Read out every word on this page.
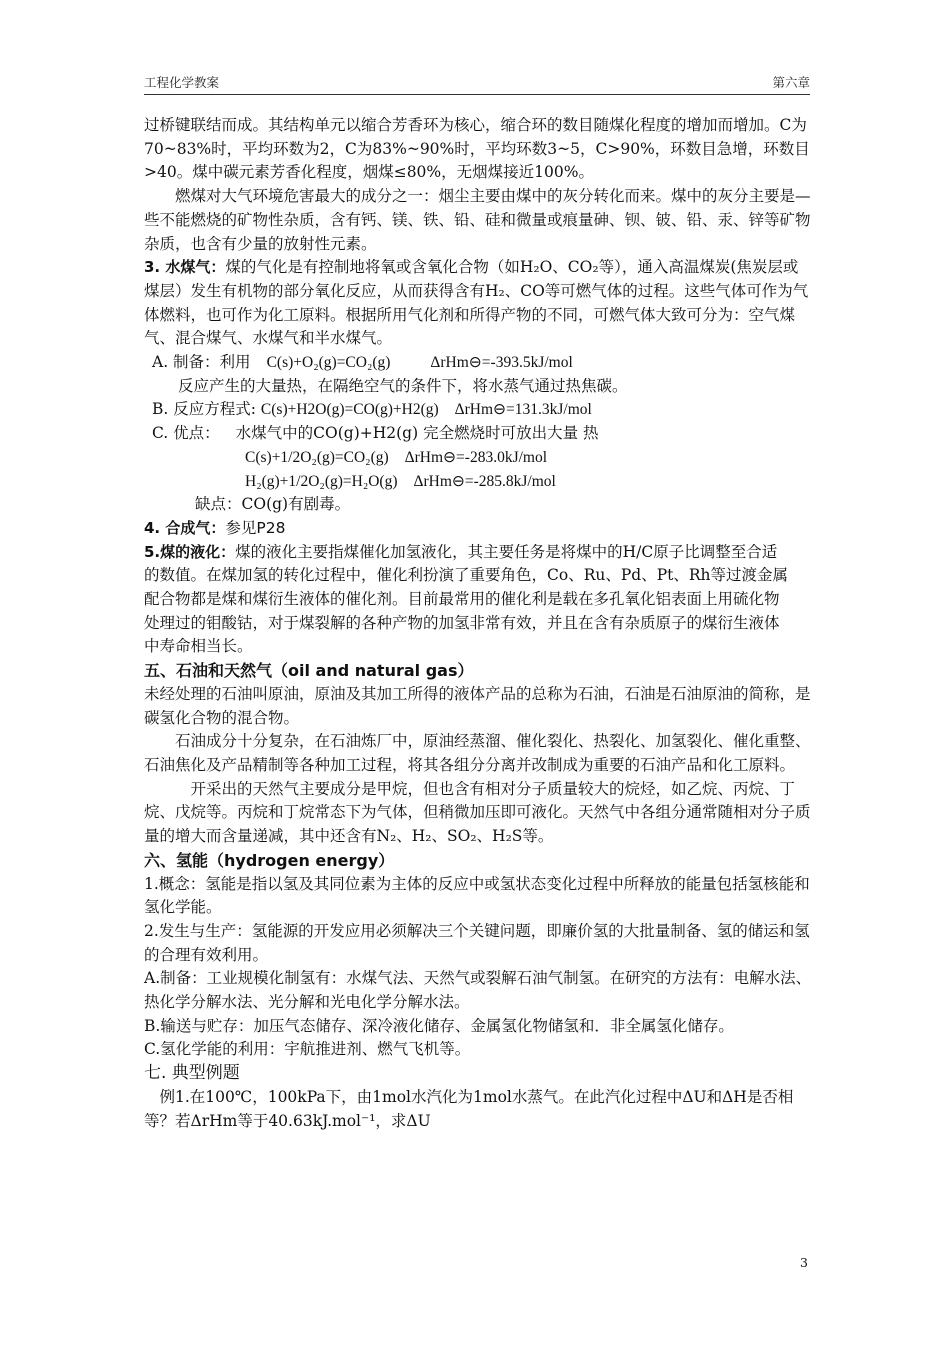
工程化学教案	第六章

过桥键联结而成。其结构单元以缩合芳香环为核心，缩合环的数目随煤化程度的增加而增加。C为70~83%时，平均环数为2，C为83%~90%时，平均环数3~5，C>90%，环数目急增，环数目>40。煤中碳元素芳香化程度，烟煤≤80%，无烟煤接近100%。

燃煤对大气环境危害最大的成分之一：烟尘主要由煤中的灰分转化而来。煤中的灰分主要是—些不能燃烧的矿物性杂质，含有钙、镁、铁、铅、硅和微量或痕量砷、钡、铍、铅、汞、锌等矿物杂质，也含有少量的放射性元素。

3. 水煤气：煤的气化是有控制地将氧或含氧化合物（如H₂O、CO₂等），通入高温煤炭(焦炭层或煤层）发生有机物的部分氧化反应，从而获得含有H₂、CO等可燃气体的过程。这些气体可作为气体燃料，也可作为化工原料。根据所用气化剂和所得产物的不同，可燃气体大致可分为：空气煤气、混合煤气、水煤气和半水煤气。

A. 制备：利用 C(s)+O₂(g)=CO₂(g)	ΔrHm⊖=-393.5kJ/mol

反应产生的大量热，在隔绝空气的条件下，将水蒸气通过热焦碳。

B. 反应方程式: C(s)+H2O(g)=CO(g)+H2(g) ΔrHm⊖=131.3kJ/mol

C. 优点： 水煤气中的CO(g)+H2(g) 完全燃烧时可放出大量 热

C(s)+1/2O₂(g)=CO₂(g) ΔrHm⊖=-283.0kJ/mol

H₂(g)+1/2O₂(g)=H₂O(g) ΔrHm⊖=-285.8kJ/mol

缺点：CO(g)有剧毒。

4. 合成气：参见P28

5.煤的液化：煤的液化主要指煤催化加氢液化，其主要任务是将煤中的H/C原子比调整至合适的数值。在煤加氢的转化过程中，催化利扮演了重要角色，Co、Ru、Pd、Pt、Rh等过渡金属配合物都是煤和煤衍生液体的催化剂。目前最常用的催化利是载在多孔氧化铝表面上用硫化物处理过的钼酸钴，对于煤裂解的各种产物的加氢非常有效，并且在含有杂质原子的煤衍生液体中寿命相当长。

五、石油和天然气（oil and natural gas）

未经处理的石油叫原油，原油及其加工所得的液体产品的总称为石油，石油是石油原油的简称，是碳氢化合物的混合物。

石油成分十分复杂，在石油炼厂中，原油经蒸溜、催化裂化、热裂化、加氢裂化、催化重整、石油焦化及产品精制等各种加工过程，将其各组分分离并改制成为重要的石油产品和化工原料。

开采出的天然气主要成分是甲烷，但也含有相对分子质量较大的烷烃，如乙烷、丙烷、丁烷、戊烷等。丙烷和丁烷常态下为气体，但稍微加压即可液化。天然气中各组分通常随相对分子质量的增大而含量递减，其中还含有N₂、H₂、SO₂、H₂S等。

六、氢能（hydrogen energy）

1.概念：氢能是指以氢及其同位素为主体的反应中或氢状态变化过程中所释放的能量包括氢核能和氢化学能。

2.发生与生产：氢能源的开发应用必须解决三个关键问题，即廉价氢的大批量制备、氢的储运和氢的合理有效利用。

A.制备：工业规模化制氢有：水煤气法、天然气或裂解石油气制氢。在研究的方法有：电解水法、热化学分解水法、光分解和光电化学分解水法。

B.输送与贮存：加压气态储存、深冷液化储存、金属氢化物储氢和．非全属氢化储存。

C.氢化学能的利用：宇航推进剂、燃气飞机等。

七. 典型例题

例1.在100℃，100kPa下，由1mol水汽化为1mol水蒸气。在此汽化过程中ΔU和ΔH是否相等？若ΔrHm等于40.63kJ.mol⁻¹，求ΔU

3
